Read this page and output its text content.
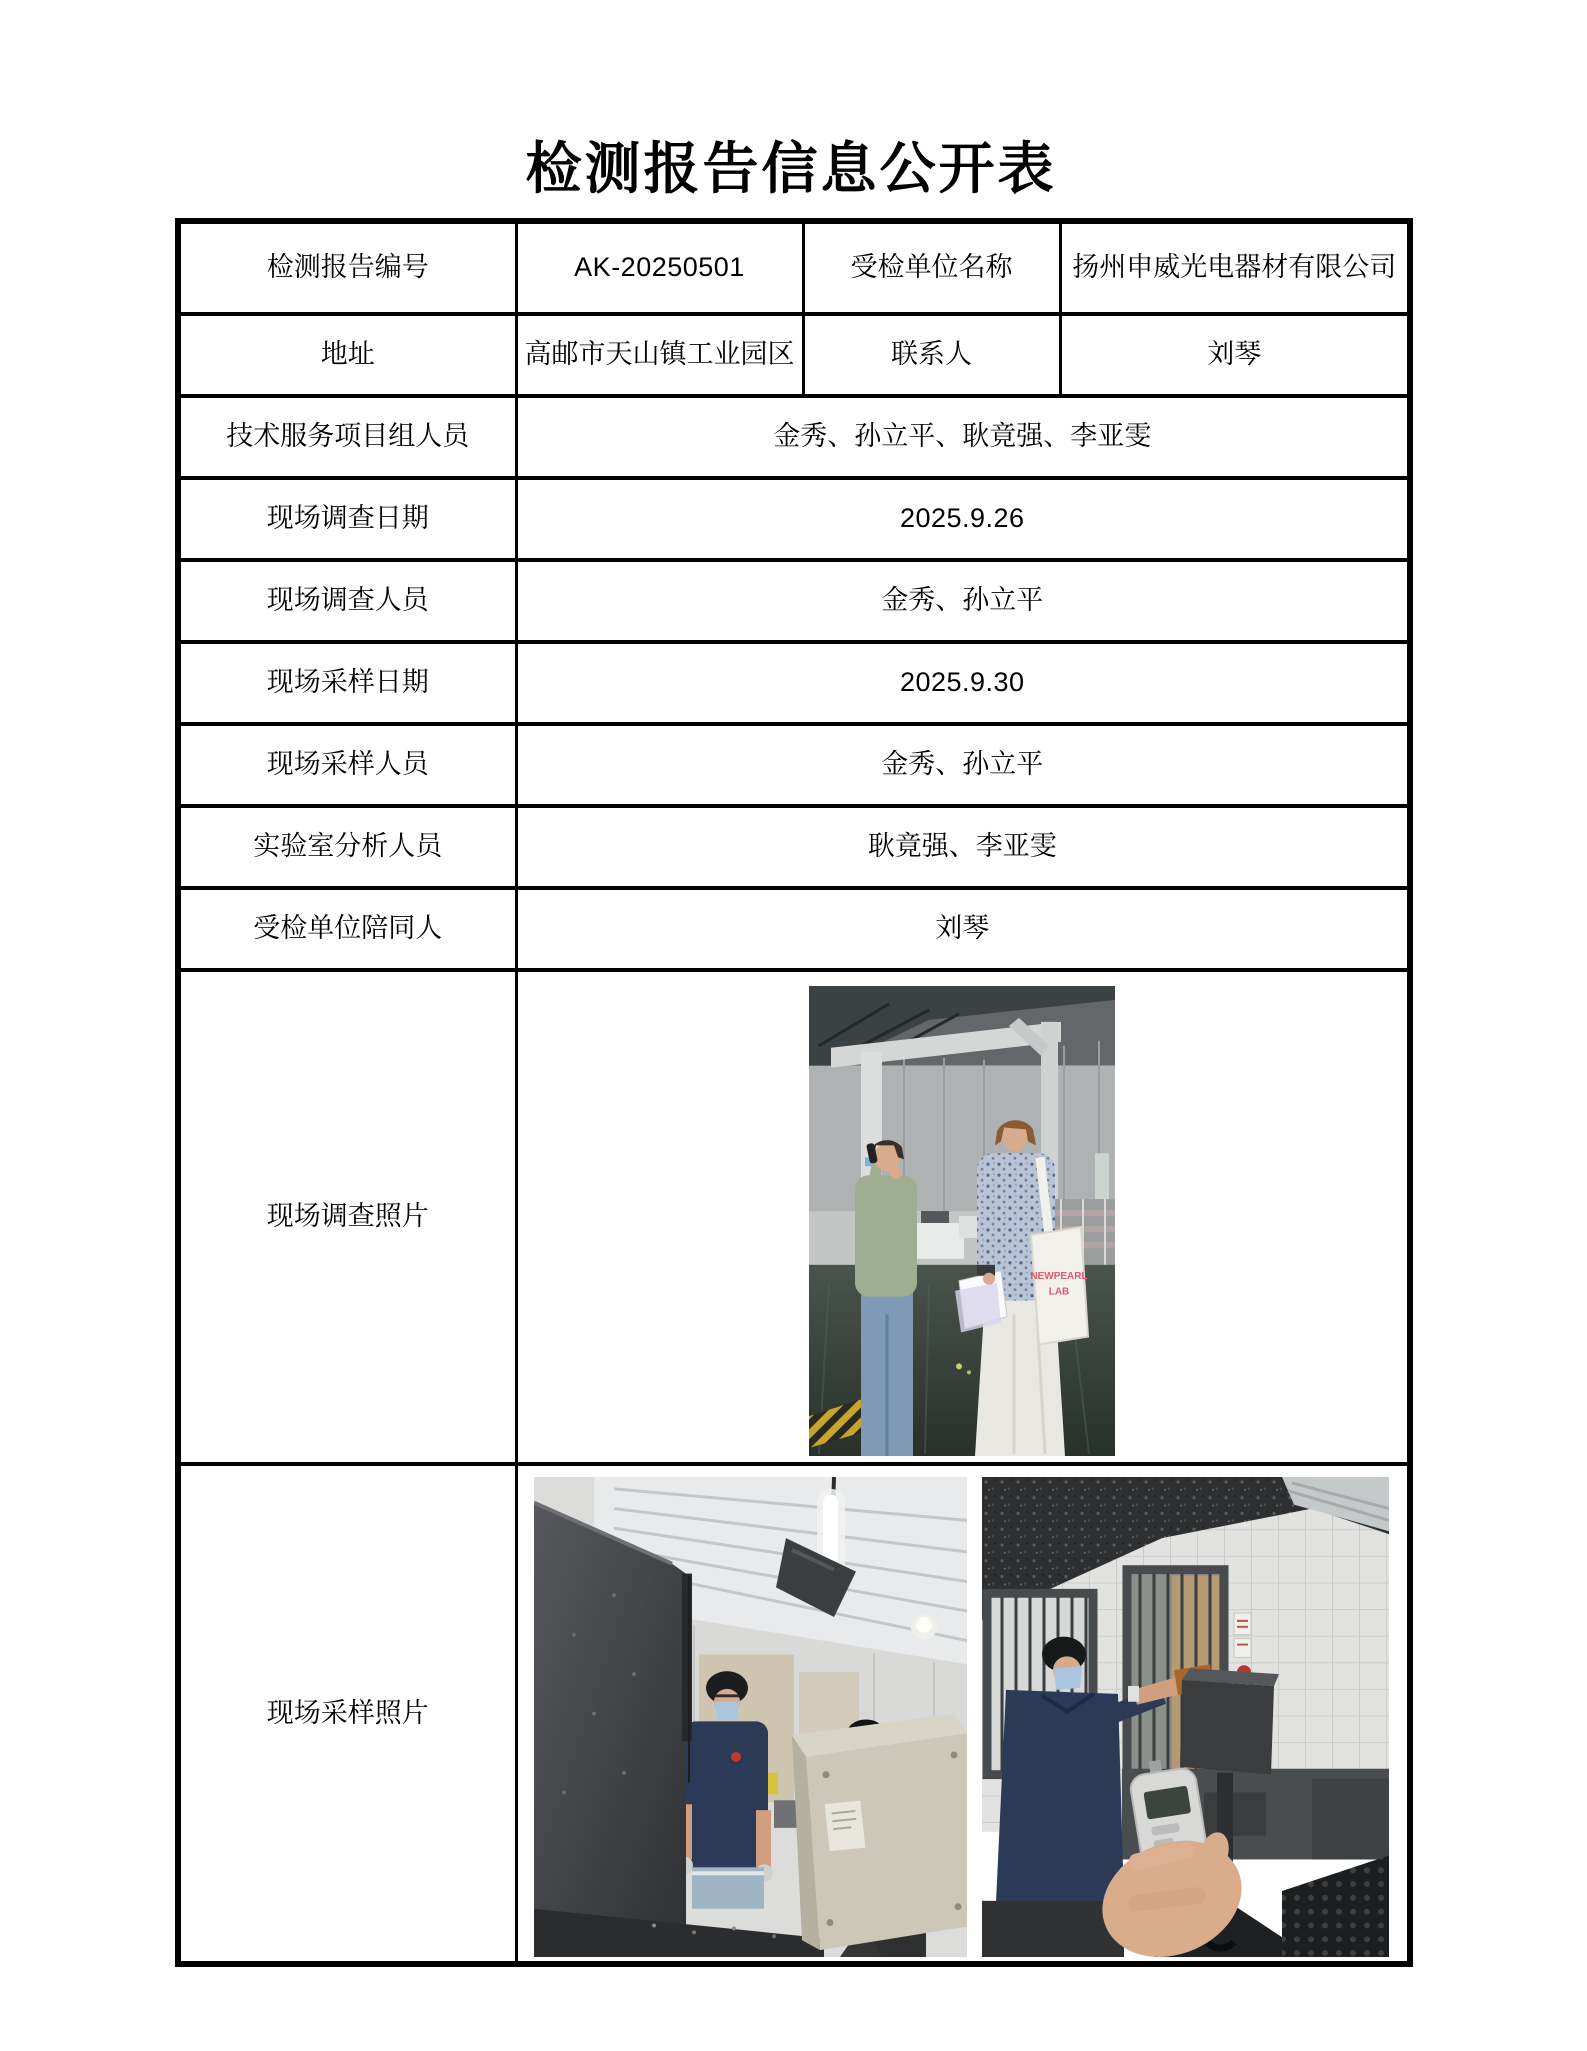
检测报告信息公开表
检测报告编号	AK-20250501	受检单位名称	扬州申威光电器材有限公司
地址	高邮市天山镇工业园区	联系人	刘琴
技术服务项目组人员	金秀、孙立平、耿竟强、李亚雯		
现场调查日期	2025.9.26		
现场调查人员	金秀、孙立平		
现场采样日期	2025.9.30		
现场采样人员	金秀、孙立平		
实验室分析人员	耿竟强、李亚雯		
受检单位陪同人	刘琴		
现场调查照片	NEWPEARL
LAB		

现场采样照片	
